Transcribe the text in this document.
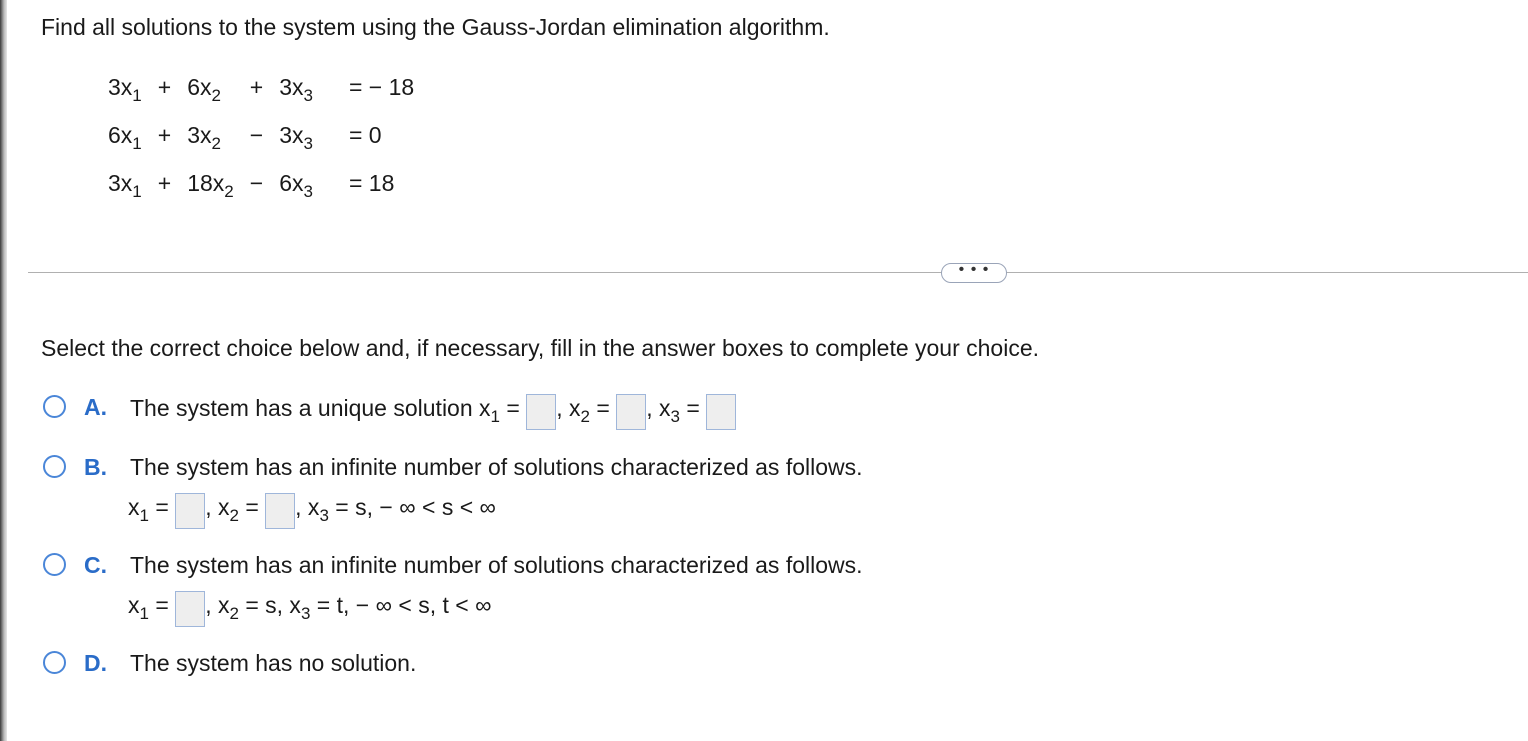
Find all solutions to the system using the Gauss-Jordan elimination algorithm.
$3x_1$	+	$6x_2$	+	$3x_3$	= − 18
$6x_1$	+	$3x_2$	−	$3x_3$	= 0
$3x_1$	+	$18x_2$	−	$6x_3$	= 18
• • •
Select the correct choice below and, if necessary, fill in the answer boxes to complete your choice.
A. The system has a unique solution $x_1$ = , $x_2$ = , $x_3$ =
B. The system has an infinite number of solutions characterized as follows.
$x_1$ = , $x_2$ = , $x_3 = s$, − ∞ < s < ∞
C. The system has an infinite number of solutions characterized as follows.
$x_1$ = , $x_2 = s$, $x_3 = t$, − ∞ < s, t < ∞
D. The system has no solution.
